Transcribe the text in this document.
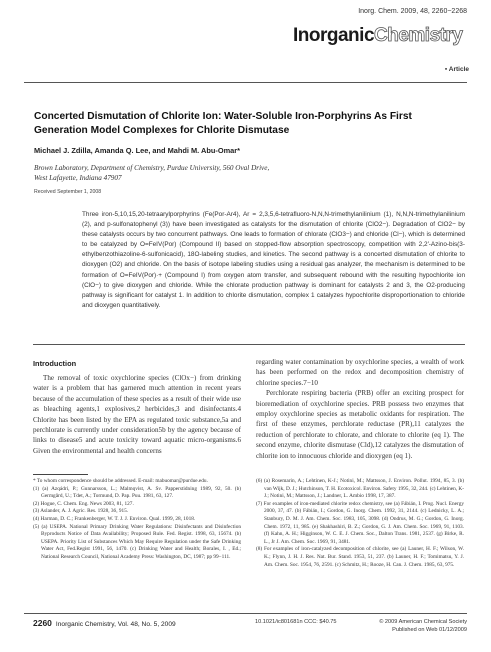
Inorg. Chem. 2009, 48, 2260−2268
InorganicChemistry
▪ Article
Concerted Dismutation of Chlorite Ion: Water-Soluble Iron-Porphyrins As First Generation Model Complexes for Chlorite Dismutase
Michael J. Zdilla, Amanda Q. Lee, and Mahdi M. Abu-Omar*
Brown Laboratory, Department of Chemistry, Purdue University, 560 Oval Drive,
West Lafayette, Indiana 47907
Received September 1, 2008

Three iron-5,10,15,20-tetraarylporphyrins (Fe(Por-Ar4), Ar = 2,3,5,6-tetrafluoro-N,N,N-trimethylanilinium (1), N,N,N-trimethylanilinium (2), and p-sulfonatophenyl (3)) have been investigated as catalysts for the dismutation of chlorite (ClO2−). Degradation of ClO2− by these catalysts occurs by two concurrent pathways. One leads to formation of chlorate (ClO3−) and chloride (Cl−), which is determined to be catalyzed by O=FeIV(Por) (Compound II) based on stopped-flow absorption spectroscopy, competition with 2,2′-Azino-bis(3-ethylbenzothiazoline-6-sulfonicacid), 18O-labeling studies, and kinetics. The second pathway is a concerted dismutation of chlorite to dioxygen (O2) and chloride. On the basis of isotope labeling studies using a residual gas analyzer, the mechanism is determined to be formation of O=FeIV(Por)·+ (Compound I) from oxygen atom transfer, and subsequent rebound with the resulting hypochlorite ion (ClO−) to give dioxygen and chloride. While the chlorate production pathway is dominant for catalysts 2 and 3, the O2-producing pathway is significant for catalyst 1. In addition to chlorite dismutation, complex 1 catalyzes hypochlorite disproportionation to chloride and dioxygen quantitatively.

Introduction

The removal of toxic oxychlorine species (ClOx−) from drinking water is a problem that has garnered much attention in recent years because of the accumulation of these species as a result of their wide use as bleaching agents,1 explosives,2 herbicides,3 and disinfectants.4 Chlorite has been listed by the EPA as regulated toxic substance,5a and perchlorate is currently under consideration5b by the agency because of links to disease5 and acute toxicity toward aquatic micro-organisms.6 Given the environmental and health concerns

regarding water contamination by oxychlorine species, a wealth of work has been performed on the redox and decomposition chemistry of chlorine species.7−10

Perchlorate respiring bacteria (PRB) offer an exciting prospect for bioremediation of oxychlorine species. PRB possess two enzymes that employ oxychlorine species as metabolic oxidants for respiration. The first of these enzymes, perchlorate reductase (PR),11 catalyzes the reduction of perchlorate to chlorate, and chlorate to chlorite (eq 1). The second enzyme, chlorite dismutase (Cld),12 catalyzes the dismutation of chlorite ion to innocuous chloride and dioxygen (eq 1).

* To whom correspondence should be addressed. E-mail: mabuomar@purdue.edu.

(1) (a) Azqádri, P.; Gunnarsson, L.; Malmqvist, A. Sv. Papperstidning 1989, 92, 50. (b) Germgård, U.; Tdet, A.; Tormund, D. Pap. Puu. 1981, 63, 127.

(2) Hogue, C. Chem. Eng. News 2003, 81, 127.

(3) Aslander, A. J. Agric. Res. 1928, 36, 915.

(4) Harman, D. C.; Frankenberger, W. T. J. J. Environ. Qual. 1999, 28, 1018.

(5) (a) USEPA. National Primary Drinking Water Regulations: Disinfectants and Disinfection Byproducts Notice of Data Availability; Proposed Rule. Fed. Regist. 1998, 63, 15674. (b) USEPA. Priority List of Substances Which May Require Regulation under the Safe Drinking Water Act, Fed.Regist 1991, 56, 1470. (c) Drinking Water and Health; Borales, I. , Ed.; National Research Council, National Academy Press: Washington, DC, 1987; pp 99−111.

(6) (a) Rosemarin, A.; Lehtinen, K-J.; Notini, M.; Mattsson, J. Environ. Pollut. 1994, 85, 3. (b) van Wijk, D. J.; Hutchinson, T. H. Ecotoxicol. Environ. Safety 1995, 32, 244. (c) Lehtinen, K-J.; Notini, M.; Mattsson, J.; Landner, L. Ambio 1998, 17, 387.

(7) For examples of iron-mediated chlorite redox chemistry, see (a) Fábián, I. Prog. Nucl. Energy 2000, 37, 47. (b) Fábián, I.; Gordon, G. Inorg. Chem. 1992, 31, 2144. (c) Lednicky, L. A.; Stanbury, D. M. J. Am. Chem. Soc. 1983, 105, 3098. (d) Ondrus, M. G.; Gordon, G. Inorg. Chem. 1972, 11, 985. (e) Shakhashiri, B. Z.; Gordon, G. J. Am. Chem. Soc. 1969, 91, 1103. (f) Kahn, A. H.; Higginson, W. C. E. J. Chem. Soc., Dalton Trans. 1981, 2537. (g) Birke, R. L., Jr J. Am. Chem. Soc. 1969, 91, 3481.

(8) For examples of iron-catalyzed decomposition of chlorite, see (a) Launer, H. F.; Wilson, W. K.; Flynn, J. H. J. Res. Nat. Bur. Stand. 1953, 51, 237. (b) Launer, H. F.; Tomimatsu, Y. J. Am. Chem. Soc. 1954, 76, 2591. (c) Schmitz, H.; Rooze, H. Can. J. Chem. 1985, 63, 975.

2260 Inorganic Chemistry, Vol. 48, No. 5, 2009	10.1021/ic801681n CCC: $40.75	© 2009 American Chemical Society
Published on Web 01/12/2009
